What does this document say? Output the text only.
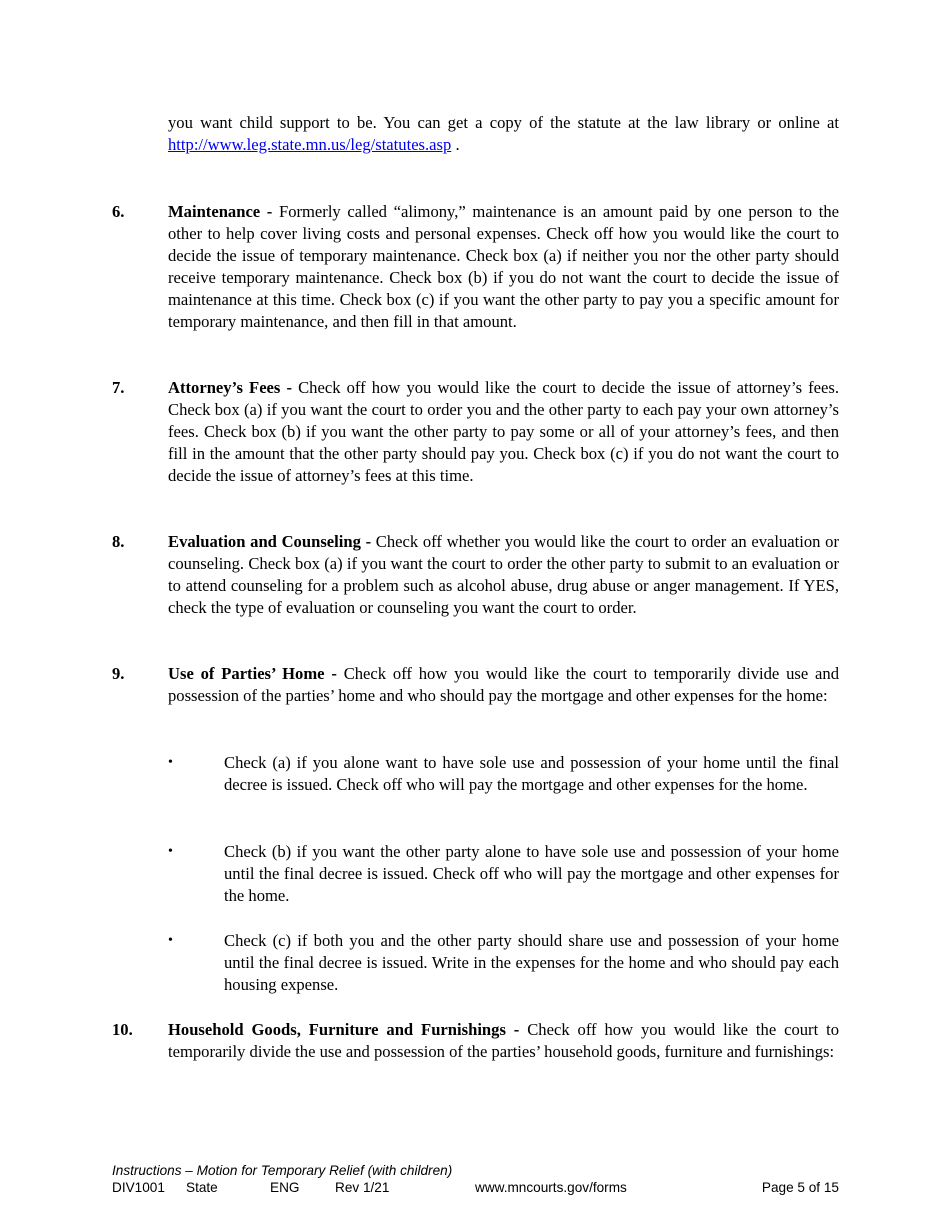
you want child support to be. You can get a copy of the statute at the law library or online at http://www.leg.state.mn.us/leg/statutes.asp .

6.	Maintenance - Formerly called “alimony,” maintenance is an amount paid by one person to the other to help cover living costs and personal expenses. Check off how you would like the court to decide the issue of temporary maintenance. Check box (a) if neither you nor the other party should receive temporary maintenance. Check box (b) if you do not want the court to decide the issue of maintenance at this time. Check box (c) if you want the other party to pay you a specific amount for temporary maintenance, and then fill in that amount.

7.	Attorney’s Fees - Check off how you would like the court to decide the issue of attorney’s fees. Check box (a) if you want the court to order you and the other party to each pay your own attorney’s fees. Check box (b) if you want the other party to pay some or all of your attorney’s fees, and then fill in the amount that the other party should pay you. Check box (c) if you do not want the court to decide the issue of attorney’s fees at this time.

8.	Evaluation and Counseling - Check off whether you would like the court to order an evaluation or counseling. Check box (a) if you want the court to order the other party to submit to an evaluation or to attend counseling for a problem such as alcohol abuse, drug abuse or anger management. If YES, check the type of evaluation or counseling you want the court to order.

9.	Use of Parties’ Home - Check off how you would like the court to temporarily divide use and possession of the parties’ home and who should pay the mortgage and other expenses for the home:

•	Check (a) if you alone want to have sole use and possession of your home until the final decree is issued. Check off who will pay the mortgage and other expenses for the home.

•	Check (b) if you want the other party alone to have sole use and possession of your home until the final decree is issued. Check off who will pay the mortgage and other expenses for the home.

•	Check (c) if both you and the other party should share use and possession of your home until the final decree is issued. Write in the expenses for the home and who should pay each housing expense.

10. Household Goods, Furniture and Furnishings - Check off how you would like the court to temporarily divide the use and possession of the parties’ household goods, furniture and furnishings:

Instructions – Motion for Temporary Relief (with children)
DIV1001 State	ENG	Rev 1/21	www.mncourts.gov/forms	Page 5 of 15
